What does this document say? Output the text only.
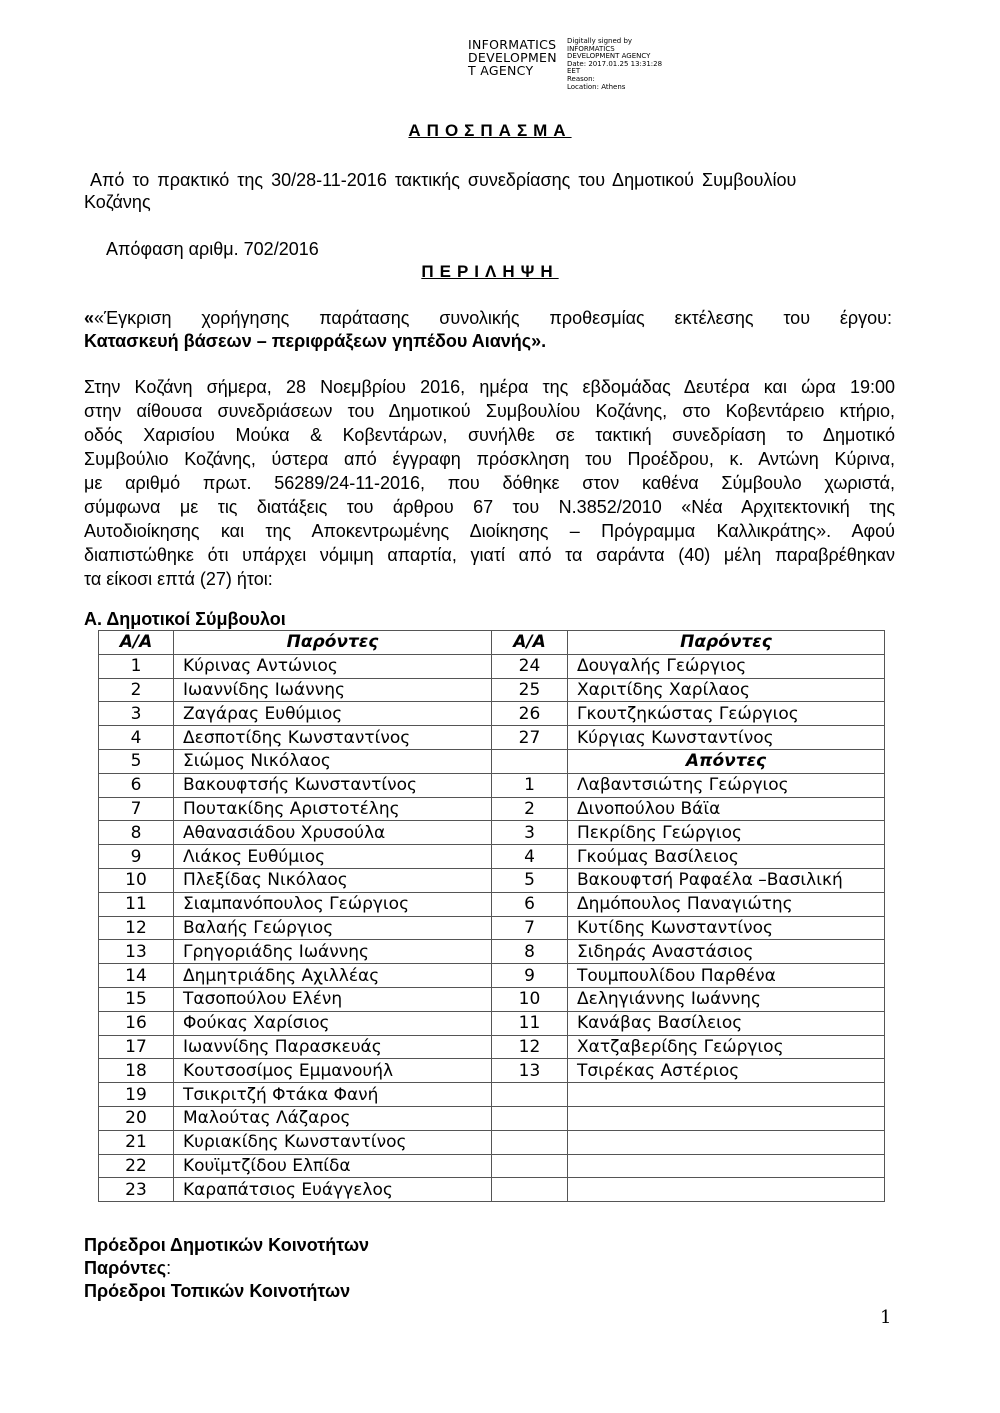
INFORMATICS
DEVELOPMEN
T AGENCY
Digitally signed by
INFORMATICS
DEVELOPMENT AGENCY
Date: 2017.01.25 13:31:28
EET
Reason:
Location: Athens
ΑΠΟΣΠΑΣΜΑ
Από το πρακτικό της 30/28-11-2016 τακτικής συνεδρίασης του Δημοτικού Συμβουλίου
Κοζάνης
Απόφαση αριθμ. 702/2016
ΠΕΡΙΛΗΨΗ
««Έγκριση χορήγησης παράτασης συνολικής προθεσμίας εκτέλεσης του έργου:
Κατασκευή βάσεων – περιφράξεων γηπέδου Αιανής».
Στην Κοζάνη σήμερα, 28 Νοεμβρίου 2016, ημέρα της εβδομάδας Δευτέρα και ώρα 19:00
στην αίθουσα συνεδριάσεων του Δημοτικού Συμβουλίου Κοζάνης, στο Κοβεντάρειο κτήριο,
οδός Χαρισίου Μούκα & Κοβεντάρων, συνήλθε σε τακτική συνεδρίαση το Δημοτικό
Συμβούλιο Κοζάνης, ύστερα από έγγραφη πρόσκληση του Προέδρου, κ. Αντώνη Κύρινα,
με αριθμό πρωτ. 56289/24-11-2016, που δόθηκε στον καθένα Σύμβουλο χωριστά,
σύμφωνα με τις διατάξεις του άρθρου 67 του Ν.3852/2010 «Νέα Αρχιτεκτονική της
Αυτοδιοίκησης και της Αποκεντρωμένης Διοίκησης – Πρόγραμμα Καλλικράτης». Αφού
διαπιστώθηκε ότι υπάρχει νόμιμη απαρτία, γιατί από τα σαράντα (40) μέλη παραβρέθηκαν
τα είκοσι επτά (27) ήτοι:
Α. Δημοτικοί Σύμβουλοι
Α/Α	Παρόντες	Α/Α	Παρόντες
1	Κύρινας Αντώνιος	24	Δουγαλής Γεώργιος
2	Ιωαννίδης Ιωάννης	25	Χαριτίδης Χαρίλαος
3	Ζαγάρας Ευθύμιος	26	Γκουτζηκώστας Γεώργιος
4	Δεσποτίδης Κωνσταντίνος	27	Κύργιας Κωνσταντίνος
5	Σιώμος Νικόλαος		Απόντες
6	Βακουφτσής Κωνσταντίνος	1	Λαβαντσιώτης Γεώργιος
7	Πουτακίδης Αριστοτέλης	2	Δινοπούλου Βάϊα
8	Αθανασιάδου Χρυσούλα	3	Πεκρίδης Γεώργιος
9	Λιάκος Ευθύμιος	4	Γκούμας Βασίλειος
10	Πλεξίδας Νικόλαος	5	Βακουφτσή Ραφαέλα –Βασιλική
11	Σιαμπανόπουλος Γεώργιος	6	Δημόπουλος Παναγιώτης
12	Βαλαής Γεώργιος	7	Κυτίδης Κωνσταντίνος
13	Γρηγοριάδης Ιωάννης	8	Σιδηράς Αναστάσιος
14	Δημητριάδης Αχιλλέας	9	Τουμπουλίδου Παρθένα
15	Τασοπούλου Ελένη	10	Δεληγιάννης Ιωάννης
16	Φούκας Χαρίσιος	11	Κανάβας Βασίλειος
17	Ιωαννίδης Παρασκευάς	12	Χατζαβερίδης Γεώργιος
18	Κουτσοσίμος Εμμανουήλ	13	Τσιρέκας Αστέριος
19	Τσικριτζή Φτάκα Φανή		
20	Μαλούτας Λάζαρος		
21	Κυριακίδης Κωνσταντίνος		
22	Κουϊμτζίδου Ελπίδα		
23	Καραπάτσιος Ευάγγελος		
Πρόεδροι Δημοτικών Κοινοτήτων
Παρόντες:
Πρόεδροι Τοπικών Κοινοτήτων
1
